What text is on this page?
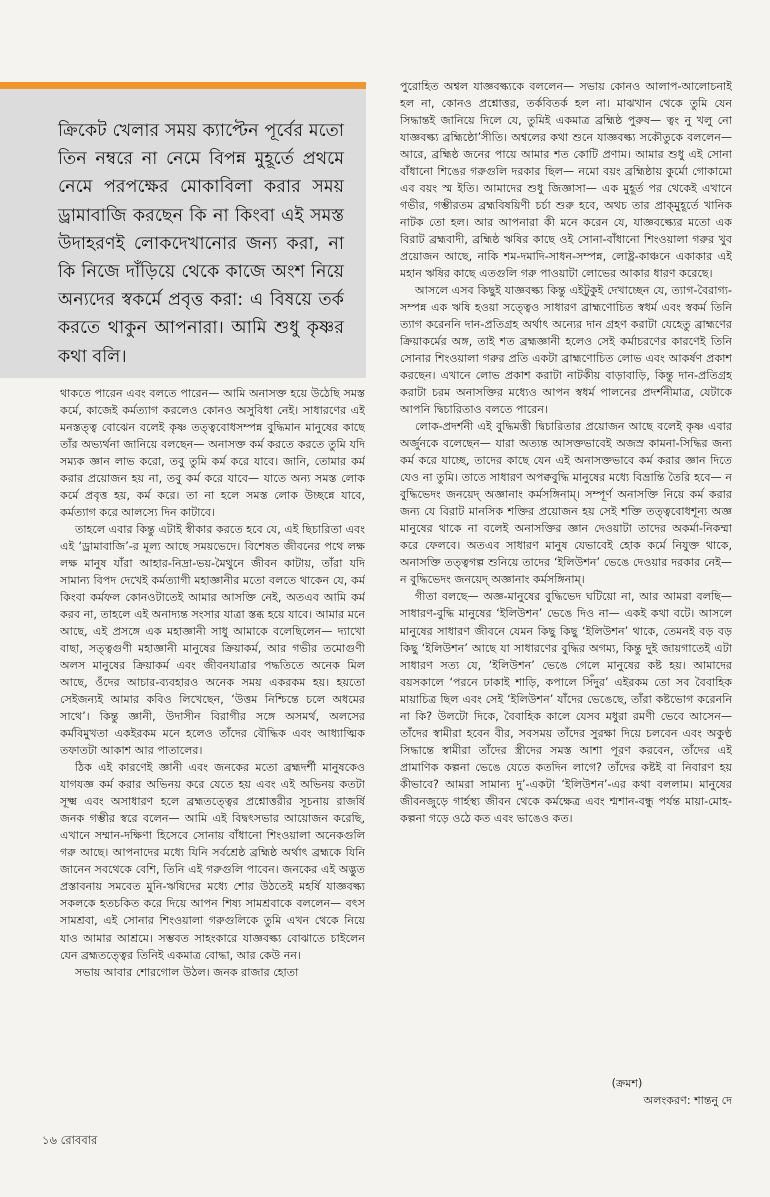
ক্রিকেট খেলার সময় ক্যাপ্টেন পূর্বের মতো তিন নম্বরে না নেমে বিপন্ন মুহূর্তে প্রথমে নেমে পরপক্ষের মোকাবিলা করার সময় ড্রামাবাজি করছেন কি না কিংবা এই সমস্ত উদাহরণই লোকদেখানোর জন্য করা, না কি নিজে দাঁড়িয়ে থেকে কাজে অংশ নিয়ে অন্যদের স্বকর্মে প্রবৃত্ত করা: এ বিষয়ে তর্ক করতে থাকুন আপনারা। আমি শুধু কৃষ্ণর কথা বলি।

থাকতে পারেন এবং বলতে পারেন— আমি অনাসক্ত হয়ে উঠেছি সমস্ত কর্মে, কাজেই কর্মত্যাগ করলেও কোনও অসুবিধা নেই। সাধারণের এই মনস্তত্ত্ব বোঝেন বলেই কৃষ্ণ তত্ত্ববোধসম্পন্ন বুদ্ধিমান মানুষের কাছে তাঁর অভ্যর্থনা জানিয়ে বলছেন— অনাসক্ত কর্ম করতে করতে তুমি যদি সম্যক জ্ঞান লাভ করো, তবু তুমি কর্ম করে যাবে। জানি, তোমার কর্ম করার প্রয়োজন হয় না, তবু কর্ম করে যাবে— যাতে অন্য সমস্ত লোক কর্মে প্রবৃত্ত হয়, কর্ম করে। তা না হলে সমস্ত লোক উচ্ছন্নে যাবে, কর্মত্যাগ করে আলস্যে দিন কাটাবে।

তাহলে এবার কিন্তু এটাই স্বীকার করতে হবে যে, এই ছিচারিতা এবং এই ‘ড্রামাবাজি’-র মূল্য আছে সময়ভেদে। বিশেষত জীবনের পথে লক্ষ লক্ষ মানুষ যাঁরা আহার-নিদ্রা-ভয়-মৈথুনে জীবন কাটায়, তাঁরা যদি সামান্য বিপদ দেখেই কর্মত্যাগী মহাজ্ঞানীর মতো বলতে থাকেন যে, কর্ম কিংবা কর্মফল কোনওটাতেই আমার আসক্তি নেই, অতএব আমি কর্ম করব না, তাহলে এই অনাদ্যন্ত সংসার যাত্রা স্তব্ধ হয়ে যাবে। আমার মনে আছে, এই প্রসঙ্গে এক মহাজ্ঞানী সাধু আমাকে বলেছিলেন— দ্যাখো বাছা, সত্ত্বগুণী মহাজ্ঞানী মানুষের ক্রিয়াকর্ম, আর গভীর তমোগুণী অলস মানুষের ক্রিয়াকর্ম এবং জীবনযাত্রার পদ্ধতিতে অনেক মিল আছে, ওঁদের আচার-ব্যবহারও অনেক সময় একরকম হয়। হয়তো সেইজন্যই আমার কবিও লিখেছেন, ‘উত্তম নিশ্চিন্তে চলে অধমের সাথে’। কিন্তু জ্ঞানী, উদাসীন বিরাগীর সঙ্গে অসমর্থ, অলসের কর্মবিমুখতা একইরকম মনে হলেও তাঁদের বৌদ্ধিক এবং আধ্যাত্মিক তফাতটা আকাশ আর পাতালের।

ঠিক এই কারণেই জ্ঞানী এবং জনকের মতো ব্রহ্মদর্শী মানুষকেও যাগযজ্ঞ কর্ম করার অভিনয় করে যেতে হয় এবং এই অভিনয় কতটা সূক্ষ্ম এবং অসাধারণ হলে ব্রহ্মতত্ত্বের প্রশ্নোত্তরীর সূচনায় রাজর্ষি জনক গম্ভীর স্বরে বলেন— আমি এই বিদ্বৎসভার আয়োজন করেছি, এখানে সম্মান-দক্ষিণা হিসেবে সোনায় বাঁধানো শিংওয়ালা অনেকগুলি গরু আছে। আপনাদের মধ্যে যিনি সর্বশ্রেষ্ঠ ব্রহ্মিষ্ঠ অর্থাৎ ব্রহ্মকে যিনি জানেন সবথেকে বেশি, তিনি এই গরুগুলি পাবেন। জনকের এই অদ্ভুত প্রস্তাবনায় সমবেত মুনি-ঋষিদের মধ্যে শোর উঠতেই মহর্ষি যাজ্ঞবল্ক্য সকলকে হতচকিত করে দিয়ে আপন শিষ্য সামশ্রবাকে বললেন— বৎস সামশ্রবা, এই সোনার শিংওয়ালা গরুগুলিকে তুমি এখন থেকে নিয়ে যাও আমার আশ্রমে। সম্ভবত সাহংকারে যাজ্ঞবল্ক্য বোঝাতে চাইলেন যেন ব্রহ্মতত্ত্বের তিনিই একমাত্র বোদ্ধা, আর কেউ নন।

সভায় আবার শোরগোল উঠল। জনক রাজার হোতা

পুরোহিত অশ্বল যাজ্ঞবল্ক্যকে বললেন— সভায় কোনও আলাপ-আলোচনাই হল না, কোনও প্রশ্নোত্তর, তর্কবিতর্ক হল না। মাঝখান থেকে তুমি যেন সিদ্ধান্তই জানিয়ে দিলে যে, তুমিই একমাত্র ব্রহ্মিষ্ঠ পুরুষ— ত্বং নু খলু নো যাজ্ঞবল্ক্য ব্রহ্মিষ্ঠো’সীতি। অশ্বলের কথা শুনে যাজ্ঞবল্ক্য সকৌতুকে বললেন— আরে, ব্রহ্মিষ্ঠ জনের পায়ে আমার শত কোটি প্রণাম। আমার শুধু এই সোনা বাঁধানো শিঙের গরুগুলি দরকার ছিল— নমো বয়ং ব্রহ্মিষ্ঠায় কুর্মো গোকামো এব বয়ং স্ম ইতি। আমাদের শুধু জিজ্ঞাসা— এক মুহূর্ত পর থেকেই এখানে গভীর, গম্ভীরতম ব্রহ্মবিষয়িণী চর্চা শুরু হবে, অথচ তার প্রাক্‌মুহূর্তে খানিক নাটক তো হল। আর আপনারা কী মনে করেন যে, যাজ্ঞবল্ক্যের মতো এক বিরাট ব্রহ্মবাদী, ব্রহ্মিষ্ঠ ঋষির কাছে ওই সোনা-বাঁধানো শিংওয়ালা গরুর খুব প্রয়োজন আছে, নাকি শম-দমাদি-সাধন-সম্পন্ন, লোষ্ট্র-কাঞ্চনে একাকার এই মহান ঋষির কাছে এতগুলি গরু পাওয়াটা লোভের আকার ধারণ করেছে।

আসলে এসব কিছুই যাজ্ঞবল্ক্য কিন্তু এইটুকুই দেখাচ্ছেন যে, ত্যাগ-বৈরাগ্য-সম্পন্ন এক ঋষি হওয়া সত্ত্বেও সাধারণ ব্রাহ্মণোচিত স্বধর্ম এবং স্বকর্ম তিনি ত্যাগ করেননি দান-প্রতিগ্রহ অর্থাৎ অন্যের দান গ্রহণ করাটা যেহেতু ব্রাহ্মণের ক্রিয়াকর্মের অঙ্গ, তাই শত ব্রহ্মজ্ঞানী হলেও সেই কর্মাচরণের কারণেই তিনি সোনার শিংওয়ালা গরুর প্রতি একটা ব্রাহ্মণোচিত লোভ এবং আকর্ষণ প্রকাশ করছেন। এখানে লোভ প্রকাশ করাটা নাটকীয় বাড়াবাড়ি, কিন্তু দান-প্রতিগ্রহ করাটা চরম অনাসক্তির মধ্যেও আপন স্বধর্ম পালনের প্রদর্শনীমাত্র, যেটাকে আপনি দ্বিচারিতাও বলতে পারেন।

লোক-প্রদর্শনী এই বুদ্ধিমত্তী দ্বিচারিতার প্রয়োজন আছে বলেই কৃষ্ণ এবার অর্জুনকে বলেছেন— যারা অত্যন্ত আসক্তভাবেই অজস্র কামনা-সিদ্ধির জন্য কর্ম করে যাচ্ছে, তাদের কাছে যেন এই অনাসক্তভাবে কর্ম করার জ্ঞান দিতে যেও না তুমি। তাতে সাধারণ অপক্ববুদ্ধি মানুষের মধ্যে বিভ্রান্তি তৈরি হবে— ন বুদ্ধিভেদং জনয়েদ্‌ অজ্ঞানাং কর্মসঙ্গিনাম্‌। সম্পূর্ণ অনাসক্তি নিয়ে কর্ম করার জন্য যে বিরাট মানসিক শক্তির প্রয়োজন হয় সেই শক্তি তত্ত্ববোধশূন্য অজ্ঞ মানুষের থাকে না বলেই অনাসক্তির জ্ঞান দেওয়াটা তাদের অকর্মা-নিকম্মা করে ফেলবে। অতএব সাধারণ মানুষ যেভাবেই হোক কর্মে নিযুক্ত থাকে, অনাসক্তি তত্ত্বগল্প শুনিয়ে তাদের ‘ইলিউশন’ ভেঙে দেওয়ার দরকার নেই— ন বুদ্ধিভেদং জনয়েদ্‌ অজ্ঞানাং কর্মসঙ্গিনাম্‌।

গীতা বলছে— অজ্ঞ-মানুষের বুদ্ধিভেদ ঘটিয়ো না, আর আমরা বলছি— সাধারণ-বুদ্ধি মানুষের ‘ইলিউশন’ ভেঙে দিও না— একই কথা বটে। আসলে মানুষের সাধারণ জীবনে যেমন কিছু কিছু ‘ইলিউশন’ থাকে, তেমনই বড় বড় কিছু ‘ইলিউশন’ আছে যা সাধারণের বুদ্ধির অগম্য, কিন্তু দুই জায়গাতেই এটা সাধারণ সত্য যে, ‘ইলিউশন’ ভেঙে গেলে মানুষের কষ্ট হয়। আমাদের বয়সকালে ‘পরনে ঢাকাই শাড়ি, কপালে সিঁদুর’ এইরকম তো সব বৈবাহিক মায়াচিত্র ছিল এবং সেই ‘ইলিউশন’ যাঁদের ভেঙেছে, তাঁরা কষ্টভোগ করেননি না কি? উলটো দিকে, বৈবাহিক কালে যেসব মধুরা রমণী ভেবে আসেন— তাঁদের স্বামীরা হবেন বীর, সবসময় তাঁদের সুরক্ষা দিয়ে চলবেন এবং অকুণ্ঠ সিদ্ধান্তে স্বামীরা তাঁদের স্ত্রীদের সমস্ত আশা পূরণ করবেন, তাঁদের এই প্রামাণিক কল্পনা ভেঙে যেতে কতদিন লাগে? তাঁদের কষ্টই বা নিবারণ হয় কীভাবে? আমরা সামান্য দু’-একটা ‘ইলিউশন’-এর কথা বললাম। মানুষের জীবনজুড়ে গার্হস্থ্য জীবন থেকে কর্মক্ষেত্র এবং শ্মশান-বন্ধু পর্যন্ত মায়া-মোহ-কল্পনা গড়ে ওঠে কত এবং ভাঙেও কত।

(ক্রমশ)
অলংকরণ: শান্তনু দে
১৬ রোববার
